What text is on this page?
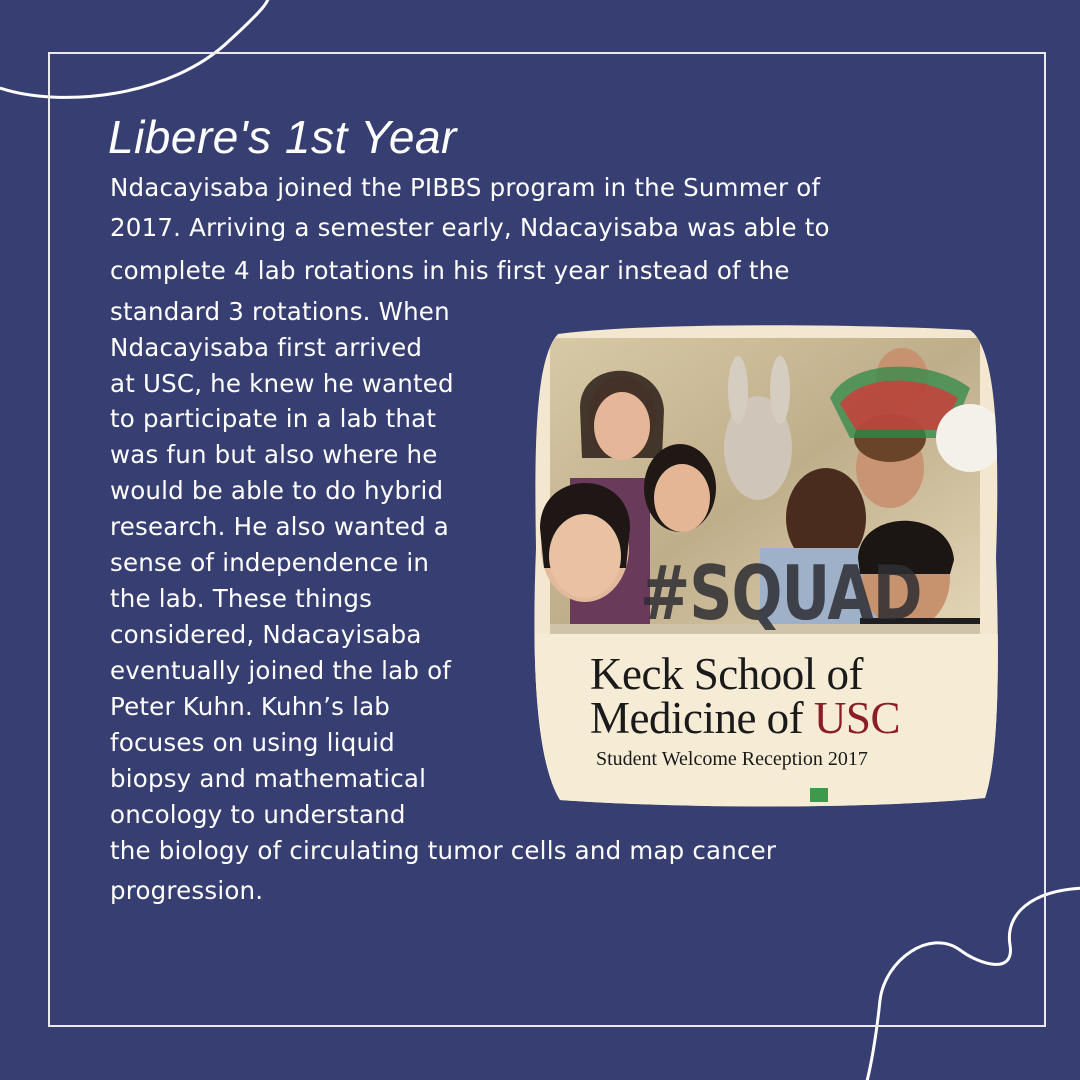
Libere's 1st Year

Ndacayisaba joined the PIBBS program in the Summer of

2017. Arriving a semester early, Ndacayisaba was able to

complete 4 lab rotations in his first year instead of the

standard 3 rotations. When

Ndacayisaba first arrived

at USC, he knew he wanted

to participate in a lab that

was fun but also where he

would be able to do hybrid

research. He also wanted a

sense of independence in

the lab. These things

considered, Ndacayisaba

eventually joined the lab of

Peter Kuhn. Kuhn’s lab

focuses on using liquid

biopsy and mathematical

oncology to understand

the biology of circulating tumor cells and map cancer

progression.

#SQUAD
Keck School of
Medicine of USC
Student Welcome Reception 2017
